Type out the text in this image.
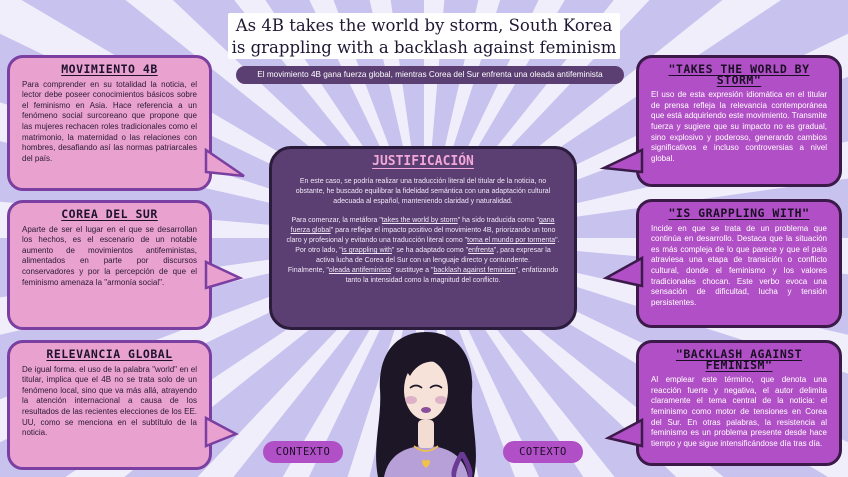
As 4B takes the world by storm, South Korea
is grappling with a backlash against feminism
El movimiento 4B gana fuerza global, mientras Corea del Sur enfrenta una oleada antifeminista
MOVIMIENTO 4B

Para comprender en su totalidad la noticia, el lector debe poseer conocimientos básicos sobre el feminismo en Asia. Hace referencia a un fenómeno social surcoreano que propone que las mujeres rechacen roles tradicionales como el matrimonio, la maternidad o las relaciones con hombres, desafiando así las normas patriarcales del país.

COREA DEL SUR

Aparte de ser el lugar en el que se desarrollan los hechos, es el escenario de un notable aumento de movimientos antifeministas, alimentados en parte por discursos conservadores y por la percepción de que el feminismo amenaza la "armonía social".

RELEVANCIA GLOBAL

De igual forma. el uso de la palabra "world" en el titular, implica que el 4B no se trata solo de un fenómeno local, sino que va más allá, atrayendo la atención internacional a causa de los resultados de las recientes elecciones de los EE. UU, como se menciona en el subtítulo de la noticia.

"TAKES THE WORLD BY STORM"

El uso de esta expresión idiomática en el titular de prensa refleja la relevancia contemporánea que está adquiriendo este movimiento. Transmite fuerza y sugiere que su impacto no es gradual, sino explosivo y poderoso, generando cambios significativos e incluso controversias a nivel global.

"IS GRAPPLING WITH"

Incide en que se trata de un problema que continúa en desarrollo. Destaca que la situación es más compleja de lo que parece y que el país atraviesa una etapa de transición o conflicto cultural, donde el feminismo y los valores tradicionales chocan. Este verbo evoca una sensación de dificultad, lucha y tensión persistentes.

"BACKLASH AGAINST FEMINISM"

Al emplear este término, que denota una reacción fuerte y negativa, el autor delimita claramente el tema central de la noticia: el feminismo como motor de tensiones en Corea del Sur. En otras palabras, la resistencia al feminismo es un problema presente desde hace tiempo y que sigue intensificándose día tras día.

JUSTIFICACIÓN

En este caso, se podría realizar una traducción literal del titular de la noticia, no obstante, he buscado equilibrar la fidelidad semántica con una adaptación cultural adecuada al español, manteniendo claridad y naturalidad.

Para comenzar, la metáfora "takes the world by storm" ha sido traducida como "gana fuerza global" para reflejar el impacto positivo del movimiento 4B, priorizando un tono claro y profesional y evitando una traducción literal como "toma el mundo por tormenta". Por otro lado, "is grappling with" se ha adaptado como "enfrenta", para expresar la activa lucha de Corea del Sur con un lenguaje directo y contundente.

Finalmente, "oleada antifeminista" sustituye a "backlash against feminism", enfatizando tanto la intensidad como la magnitud del conflicto.

CONTEXTO	COTEXTO
